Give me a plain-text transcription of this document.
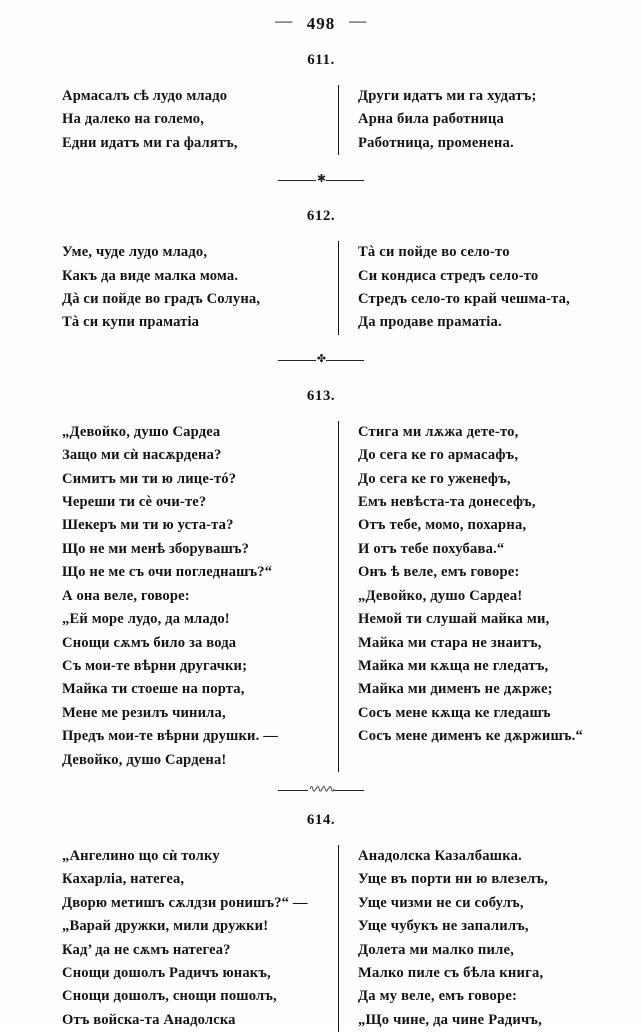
— 498 —
611.
Армасалъ сѣ лудо младо
На далеко на големо,
Едни идатъ ми га фалятъ,
Други идатъ ми га худатъ;
Арна била работница
Работница, променена.
✱
612.
Уме, чуде лудо младо,
Какъ да виде малка мома.
Дà си пойде во градъ Солуна,
Тà си купи праматіа
Тà си пойде во село-то
Си кондиса стредъ село-то
Стредъ село-то край чешма-та,
Да продаве праматіа.
✤
613.
„Девойко, душо Сардеа
Защо ми сѝ насѫрдена?
Симитъ ми ти ю лице-тó?
Череши ти сѐ очи-те?
Шекеръ ми ти ю уста-та?
Що не ми менѣ зборувашъ?
Що не ме съ очи погледнашъ?“
А она веле, говоре:
„Ей море лудо, да младо!
Снощи сѫмъ било за вода
Съ мои-те вѣрни другачки;
Майка ти стоеше на порта,
Мене ме резилъ чинила,
Предъ мои-те вѣрни друшки. —
Девойко, душо Сардена!
Стига ми лѫжа дете-то,
До сега ке го армасафъ,
До сега ке го уженефъ,
Емъ невѣста-та донесефъ,
Отъ тебе, момо, похарна,
И отъ тебе похубава.“
Онъ ѣ веле, емъ говоре:
„Девойко, душо Сардеа!
Немой ти слушай майка ми,
Майка ми стара не знаитъ,
Майка ми кѫща не гледатъ,
Майка ми дименъ не дѫрже;
Сосъ мене кѫща ке гледашъ
Сосъ мене дименъ ке дѫржишъ.“
∿∿∿∿
614.
„Ангелино що сѝ толку
Кахарліа, натегеа,
Дворю метишъ сѫлдзи ронишъ?“ —
„Варай дружки, мили дружки!
Кад’ да не сѫмъ натегеа?
Снощи дошолъ Радичъ юнакъ,
Снощи дошолъ, снощи пошолъ,
Отъ войска-та Анадолска
Анадолска Казалбашка.
Уще въ порти ни ю влезелъ,
Уще чизми не си собулъ,
Уще чубукъ не запалилъ,
Долета ми малко пиле,
Малко пиле съ бѣла книга,
Да му веле, емъ говоре:
„Що чине, да чине Радичъ,
